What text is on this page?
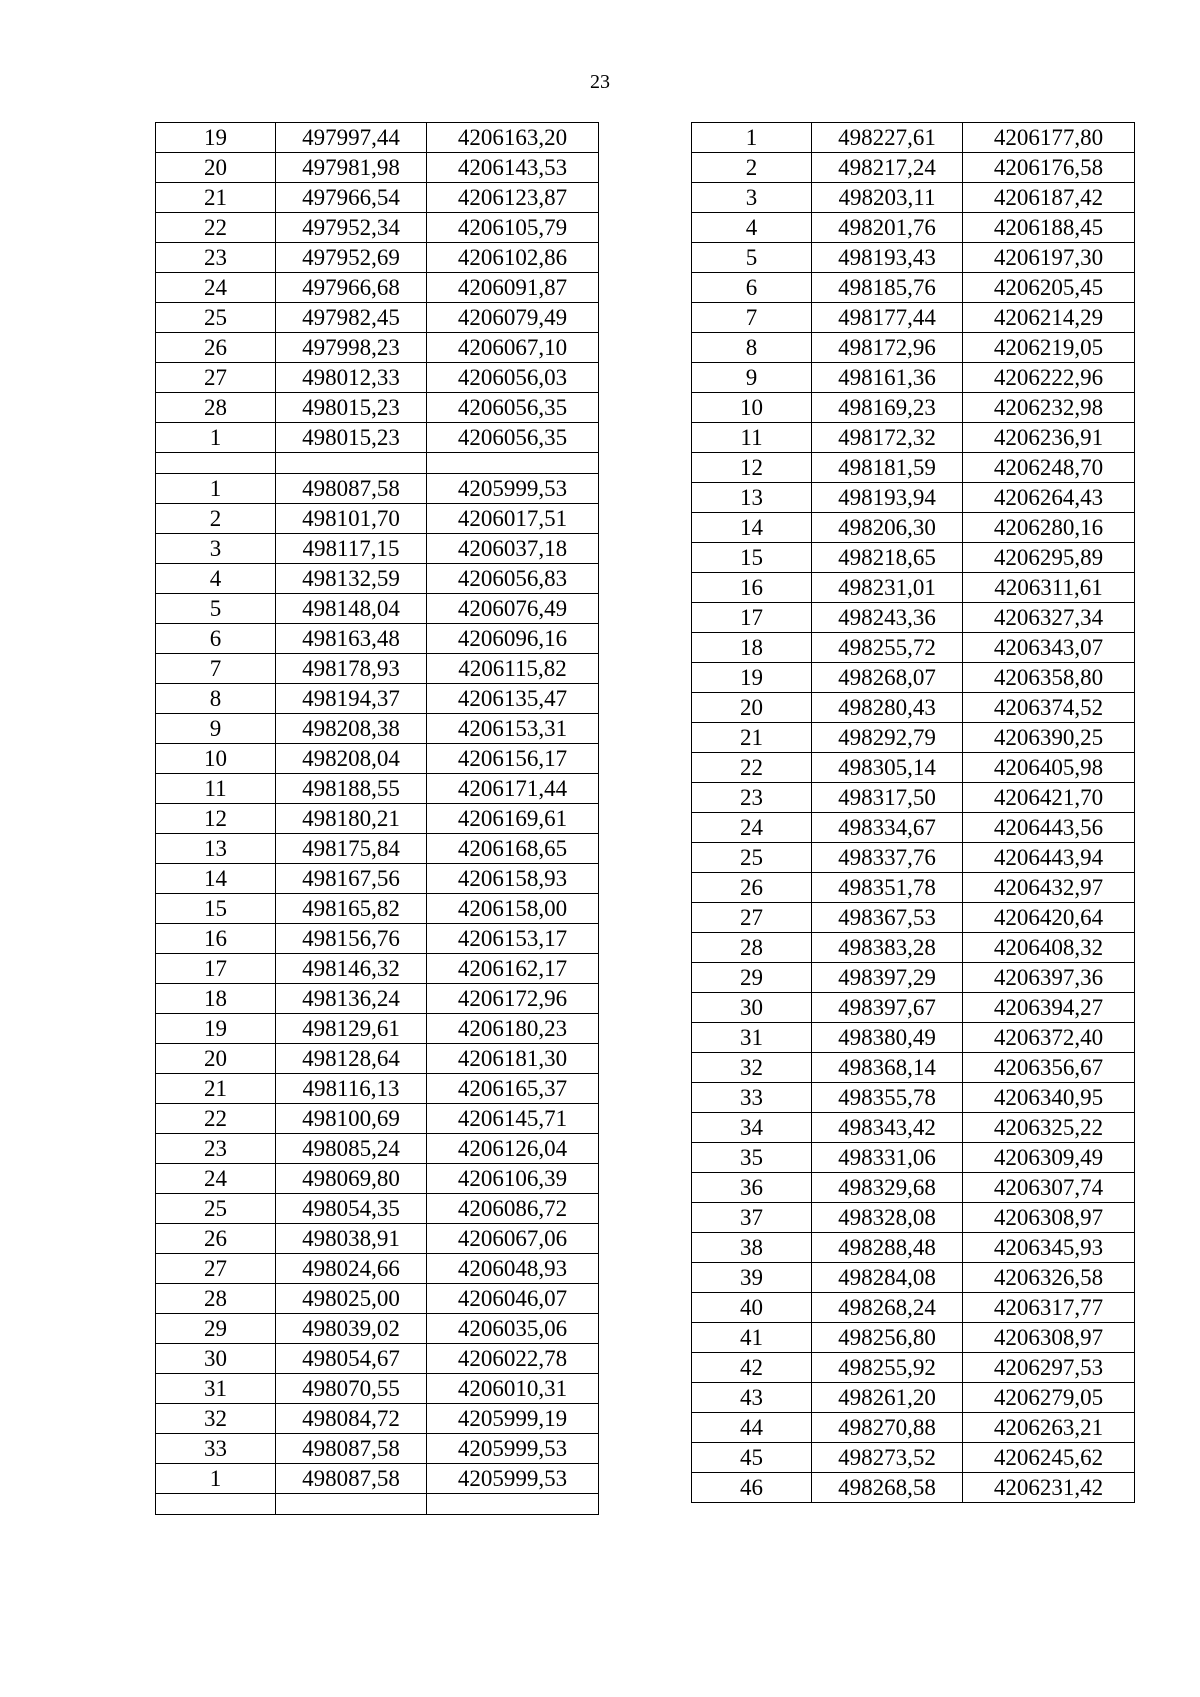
23
19	497997,44	4206163,20
20	497981,98	4206143,53
21	497966,54	4206123,87
22	497952,34	4206105,79
23	497952,69	4206102,86
24	497966,68	4206091,87
25	497982,45	4206079,49
26	497998,23	4206067,10
27	498012,33	4206056,03
28	498015,23	4206056,35
1	498015,23	4206056,35

1	498087,58	4205999,53
2	498101,70	4206017,51
3	498117,15	4206037,18
4	498132,59	4206056,83
5	498148,04	4206076,49
6	498163,48	4206096,16
7	498178,93	4206115,82
8	498194,37	4206135,47
9	498208,38	4206153,31
10	498208,04	4206156,17
11	498188,55	4206171,44
12	498180,21	4206169,61
13	498175,84	4206168,65
14	498167,56	4206158,93
15	498165,82	4206158,00
16	498156,76	4206153,17
17	498146,32	4206162,17
18	498136,24	4206172,96
19	498129,61	4206180,23
20	498128,64	4206181,30
21	498116,13	4206165,37
22	498100,69	4206145,71
23	498085,24	4206126,04
24	498069,80	4206106,39
25	498054,35	4206086,72
26	498038,91	4206067,06
27	498024,66	4206048,93
28	498025,00	4206046,07
29	498039,02	4206035,06
30	498054,67	4206022,78
31	498070,55	4206010,31
32	498084,72	4205999,19
33	498087,58	4205999,53
1	498087,58	4205999,53

1	498227,61	4206177,80
2	498217,24	4206176,58
3	498203,11	4206187,42
4	498201,76	4206188,45
5	498193,43	4206197,30
6	498185,76	4206205,45
7	498177,44	4206214,29
8	498172,96	4206219,05
9	498161,36	4206222,96
10	498169,23	4206232,98
11	498172,32	4206236,91
12	498181,59	4206248,70
13	498193,94	4206264,43
14	498206,30	4206280,16
15	498218,65	4206295,89
16	498231,01	4206311,61
17	498243,36	4206327,34
18	498255,72	4206343,07
19	498268,07	4206358,80
20	498280,43	4206374,52
21	498292,79	4206390,25
22	498305,14	4206405,98
23	498317,50	4206421,70
24	498334,67	4206443,56
25	498337,76	4206443,94
26	498351,78	4206432,97
27	498367,53	4206420,64
28	498383,28	4206408,32
29	498397,29	4206397,36
30	498397,67	4206394,27
31	498380,49	4206372,40
32	498368,14	4206356,67
33	498355,78	4206340,95
34	498343,42	4206325,22
35	498331,06	4206309,49
36	498329,68	4206307,74
37	498328,08	4206308,97
38	498288,48	4206345,93
39	498284,08	4206326,58
40	498268,24	4206317,77
41	498256,80	4206308,97
42	498255,92	4206297,53
43	498261,20	4206279,05
44	498270,88	4206263,21
45	498273,52	4206245,62
46	498268,58	4206231,42
